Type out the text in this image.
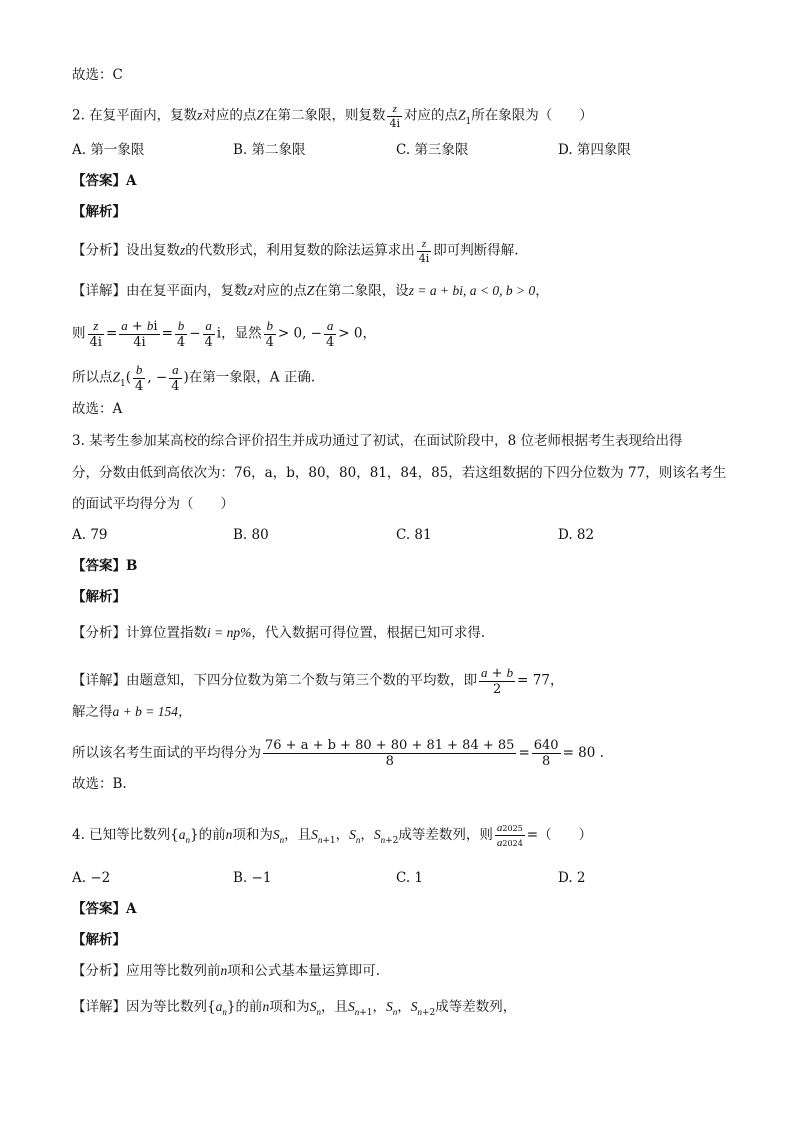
故选：C
2. 在复平面内，复数z对应的点Z在第二象限，则复数 $\frac{z}{4i}$ 对应的点$Z_1$所在象限为（　　）
A. 第一象限	B. 第二象限	C. 第三象限	D. 第四象限
【答案】A
【解析】
【分析】设出复数z的代数形式，利用复数的除法运算求出 $\frac{z}{4i}$ 即可判断得解.
【详解】由在复平面内，复数z对应的点Z在第二象限，设z = a + bi, a < 0, b > 0，
则 $\frac{z}{4i} = \frac{a + bi}{4i} = \frac{b}{4} - \frac{a}{4}$ i，显然 $\frac{b}{4} > 0$, − $\frac{a}{4} > 0$，
所以点$Z_1( \frac{b}{4}$ , − $\frac{a}{4}$ )在第一象限，A 正确.
故选：A
3. 某考生参加某高校的综合评价招生并成功通过了初试，在面试阶段中，8 位老师根据考生表现给出得
分，分数由低到高依次为：76，a，b，80，80，81，84，85，若这组数据的下四分位数为 77，则该名考生
的面试平均得分为（　　）
A. 79	B. 80	C. 81	D. 82
【答案】B
【解析】
【分析】计算位置指数i = np%，代入数据可得位置，根据已知可求得.
【详解】由题意知，下四分位数为第二个数与第三个数的平均数，即 $\frac{a + b}{2} = 77$，
解之得a + b = 154，
所以该名考生面试的平均得分为 $\frac{76 + a + b + 80 + 80 + 81 + 84 + 85}{8} = \frac{640}{8} = 80$ .
故选：B.
4. 已知等比数列$\{a_n\}$的前n项和为$S_n$，且$S_{n+1}$，$S_n$，$S_{n+2}$成等差数列，则 $\frac{a2025}{a2024}$ =（　　）
A. −2	B. −1	C. 1	D. 2
【答案】A
【解析】
【分析】应用等比数列前n项和公式基本量运算即可.
【详解】因为等比数列$\{a_n\}$的前n项和为$S_n$，且$S_{n+1}$，$S_n$，$S_{n+2}$成等差数列，
